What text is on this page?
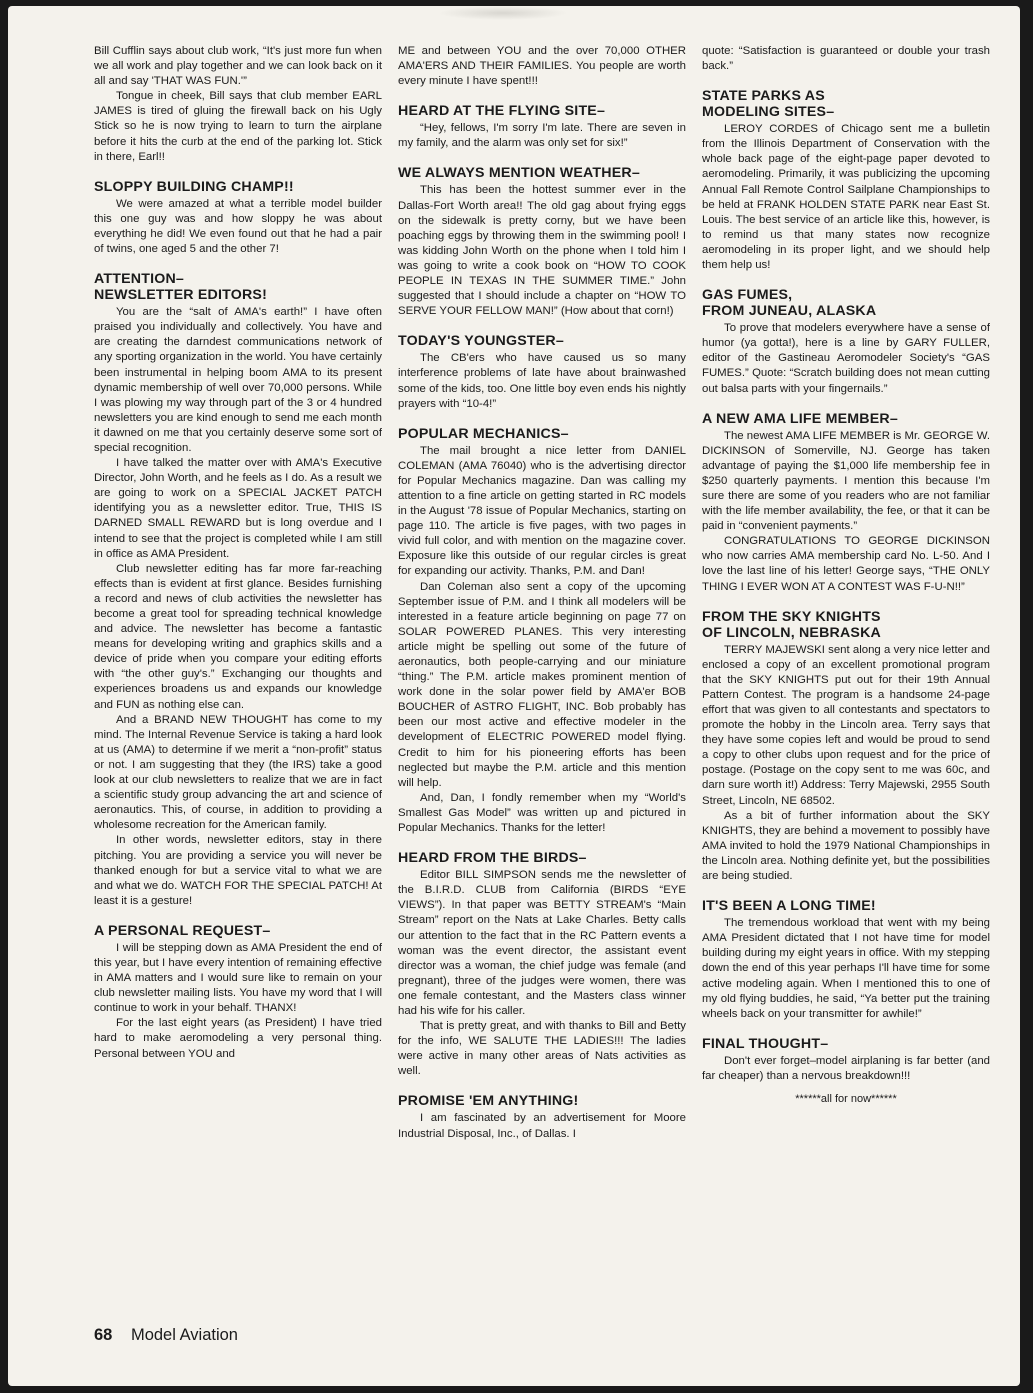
Bill Cufflin says about club work, “It's just more fun when we all work and play together and we can look back on it all and say 'THAT WAS FUN.'”

Tongue in cheek, Bill says that club member EARL JAMES is tired of gluing the firewall back on his Ugly Stick so he is now trying to learn to turn the airplane before it hits the curb at the end of the parking lot. Stick in there, Earl!!

SLOPPY BUILDING CHAMP!!

We were amazed at what a terrible model builder this one guy was and how sloppy he was about everything he did! We even found out that he had a pair of twins, one aged 5 and the other 7!

ATTENTION–
NEWSLETTER EDITORS!

You are the “salt of AMA's earth!” I have often praised you individually and collectively. You have and are creating the darndest communications network of any sporting organization in the world. You have certainly been instrumental in helping boom AMA to its present dynamic membership of well over 70,000 persons. While I was plowing my way through part of the 3 or 4 hundred newsletters you are kind enough to send me each month it dawned on me that you certainly deserve some sort of special recognition.

I have talked the matter over with AMA's Executive Director, John Worth, and he feels as I do. As a result we are going to work on a SPECIAL JACKET PATCH identifying you as a newsletter editor. True, THIS IS DARNED SMALL REWARD but is long overdue and I intend to see that the project is completed while I am still in office as AMA President.

Club newsletter editing has far more far-reaching effects than is evident at first glance. Besides furnishing a record and news of club activities the newsletter has become a great tool for spreading technical knowledge and advice. The newsletter has become a fantastic means for developing writing and graphics skills and a device of pride when you compare your editing efforts with “the other guy's.” Exchanging our thoughts and experiences broadens us and expands our knowledge and FUN as nothing else can.

And a BRAND NEW THOUGHT has come to my mind. The Internal Revenue Service is taking a hard look at us (AMA) to determine if we merit a “non-profit” status or not. I am suggesting that they (the IRS) take a good look at our club newsletters to realize that we are in fact a scientific study group advancing the art and science of aeronautics. This, of course, in addition to providing a wholesome recreation for the American family.

In other words, newsletter editors, stay in there pitching. You are providing a service you will never be thanked enough for but a service vital to what we are and what we do. WATCH FOR THE SPECIAL PATCH! At least it is a gesture!

A PERSONAL REQUEST–

I will be stepping down as AMA President the end of this year, but I have every intention of remaining effective in AMA matters and I would sure like to remain on your club newsletter mailing lists. You have my word that I will continue to work in your behalf. THANX!

For the last eight years (as President) I have tried hard to make aeromodeling a very personal thing. Personal between YOU and

ME and between YOU and the over 70,000 OTHER AMA'ERS AND THEIR FAMILIES. You people are worth every minute I have spent!!!

HEARD AT THE FLYING SITE–

“Hey, fellows, I'm sorry I'm late. There are seven in my family, and the alarm was only set for six!”

WE ALWAYS MENTION WEATHER–

This has been the hottest summer ever in the Dallas-Fort Worth area!! The old gag about frying eggs on the sidewalk is pretty corny, but we have been poaching eggs by throwing them in the swimming pool! I was kidding John Worth on the phone when I told him I was going to write a cook book on “HOW TO COOK PEOPLE IN TEXAS IN THE SUMMER TIME.” John suggested that I should include a chapter on “HOW TO SERVE YOUR FELLOW MAN!” (How about that corn!)

TODAY'S YOUNGSTER–

The CB'ers who have caused us so many interference problems of late have about brainwashed some of the kids, too. One little boy even ends his nightly prayers with “10-4!”

POPULAR MECHANICS–

The mail brought a nice letter from DANIEL COLEMAN (AMA 76040) who is the advertising director for Popular Mechanics magazine. Dan was calling my attention to a fine article on getting started in RC models in the August '78 issue of Popular Mechanics, starting on page 110. The article is five pages, with two pages in vivid full color, and with mention on the magazine cover. Exposure like this outside of our regular circles is great for expanding our activity. Thanks, P.M. and Dan!

Dan Coleman also sent a copy of the upcoming September issue of P.M. and I think all modelers will be interested in a feature article beginning on page 77 on SOLAR POWERED PLANES. This very interesting article might be spelling out some of the future of aeronautics, both people-carrying and our miniature “thing.” The P.M. article makes prominent mention of work done in the solar power field by AMA'er BOB BOUCHER of ASTRO FLIGHT, INC. Bob probably has been our most active and effective modeler in the development of ELECTRIC POWERED model flying. Credit to him for his pioneering efforts has been neglected but maybe the P.M. article and this mention will help.

And, Dan, I fondly remember when my “World's Smallest Gas Model” was written up and pictured in Popular Mechanics. Thanks for the letter!

HEARD FROM THE BIRDS–

Editor BILL SIMPSON sends me the newsletter of the B.I.R.D. CLUB from California (BIRDS “EYE VIEWS”). In that paper was BETTY STREAM's “Main Stream” report on the Nats at Lake Charles. Betty calls our attention to the fact that in the RC Pattern events a woman was the event director, the assistant event director was a woman, the chief judge was female (and pregnant), three of the judges were women, there was one female contestant, and the Masters class winner had his wife for his caller.

That is pretty great, and with thanks to Bill and Betty for the info, WE SALUTE THE LADIES!!! The ladies were active in many other areas of Nats activities as well.

PROMISE 'EM ANYTHING!

I am fascinated by an advertisement for Moore Industrial Disposal, Inc., of Dallas. I

quote: “Satisfaction is guaranteed or double your trash back.”

STATE PARKS AS
MODELING SITES–

LEROY CORDES of Chicago sent me a bulletin from the Illinois Department of Conservation with the whole back page of the eight-page paper devoted to aeromodeling. Primarily, it was publicizing the upcoming Annual Fall Remote Control Sailplane Championships to be held at FRANK HOLDEN STATE PARK near East St. Louis. The best service of an article like this, however, is to remind us that many states now recognize aeromodeling in its proper light, and we should help them help us!

GAS FUMES,
FROM JUNEAU, ALASKA

To prove that modelers everywhere have a sense of humor (ya gotta!), here is a line by GARY FULLER, editor of the Gastineau Aeromodeler Society's “GAS FUMES.” Quote: “Scratch building does not mean cutting out balsa parts with your fingernails.”

A NEW AMA LIFE MEMBER–

The newest AMA LIFE MEMBER is Mr. GEORGE W. DICKINSON of Somerville, NJ. George has taken advantage of paying the $1,000 life membership fee in $250 quarterly payments. I mention this because I'm sure there are some of you readers who are not familiar with the life member availability, the fee, or that it can be paid in “convenient payments.”

CONGRATULATIONS TO GEORGE DICKINSON who now carries AMA membership card No. L-50. And I love the last line of his letter! George says, “THE ONLY THING I EVER WON AT A CONTEST WAS F-U-N!!”

FROM THE SKY KNIGHTS
OF LINCOLN, NEBRASKA

TERRY MAJEWSKI sent along a very nice letter and enclosed a copy of an excellent promotional program that the SKY KNIGHTS put out for their 19th Annual Pattern Contest. The program is a handsome 24-page effort that was given to all contestants and spectators to promote the hobby in the Lincoln area. Terry says that they have some copies left and would be proud to send a copy to other clubs upon request and for the price of postage. (Postage on the copy sent to me was 60c, and darn sure worth it!) Address: Terry Majewski, 2955 South Street, Lincoln, NE 68502.

As a bit of further information about the SKY KNIGHTS, they are behind a movement to possibly have AMA invited to hold the 1979 National Championships in the Lincoln area. Nothing definite yet, but the possibilities are being studied.

IT'S BEEN A LONG TIME!

The tremendous workload that went with my being AMA President dictated that I not have time for model building during my eight years in office. With my stepping down the end of this year perhaps I'll have time for some active modeling again. When I mentioned this to one of my old flying buddies, he said, “Ya better put the training wheels back on your transmitter for awhile!”

FINAL THOUGHT–

Don't ever forget–model airplaning is far better (and far cheaper) than a nervous breakdown!!!

******all for now******
68 Model Aviation
